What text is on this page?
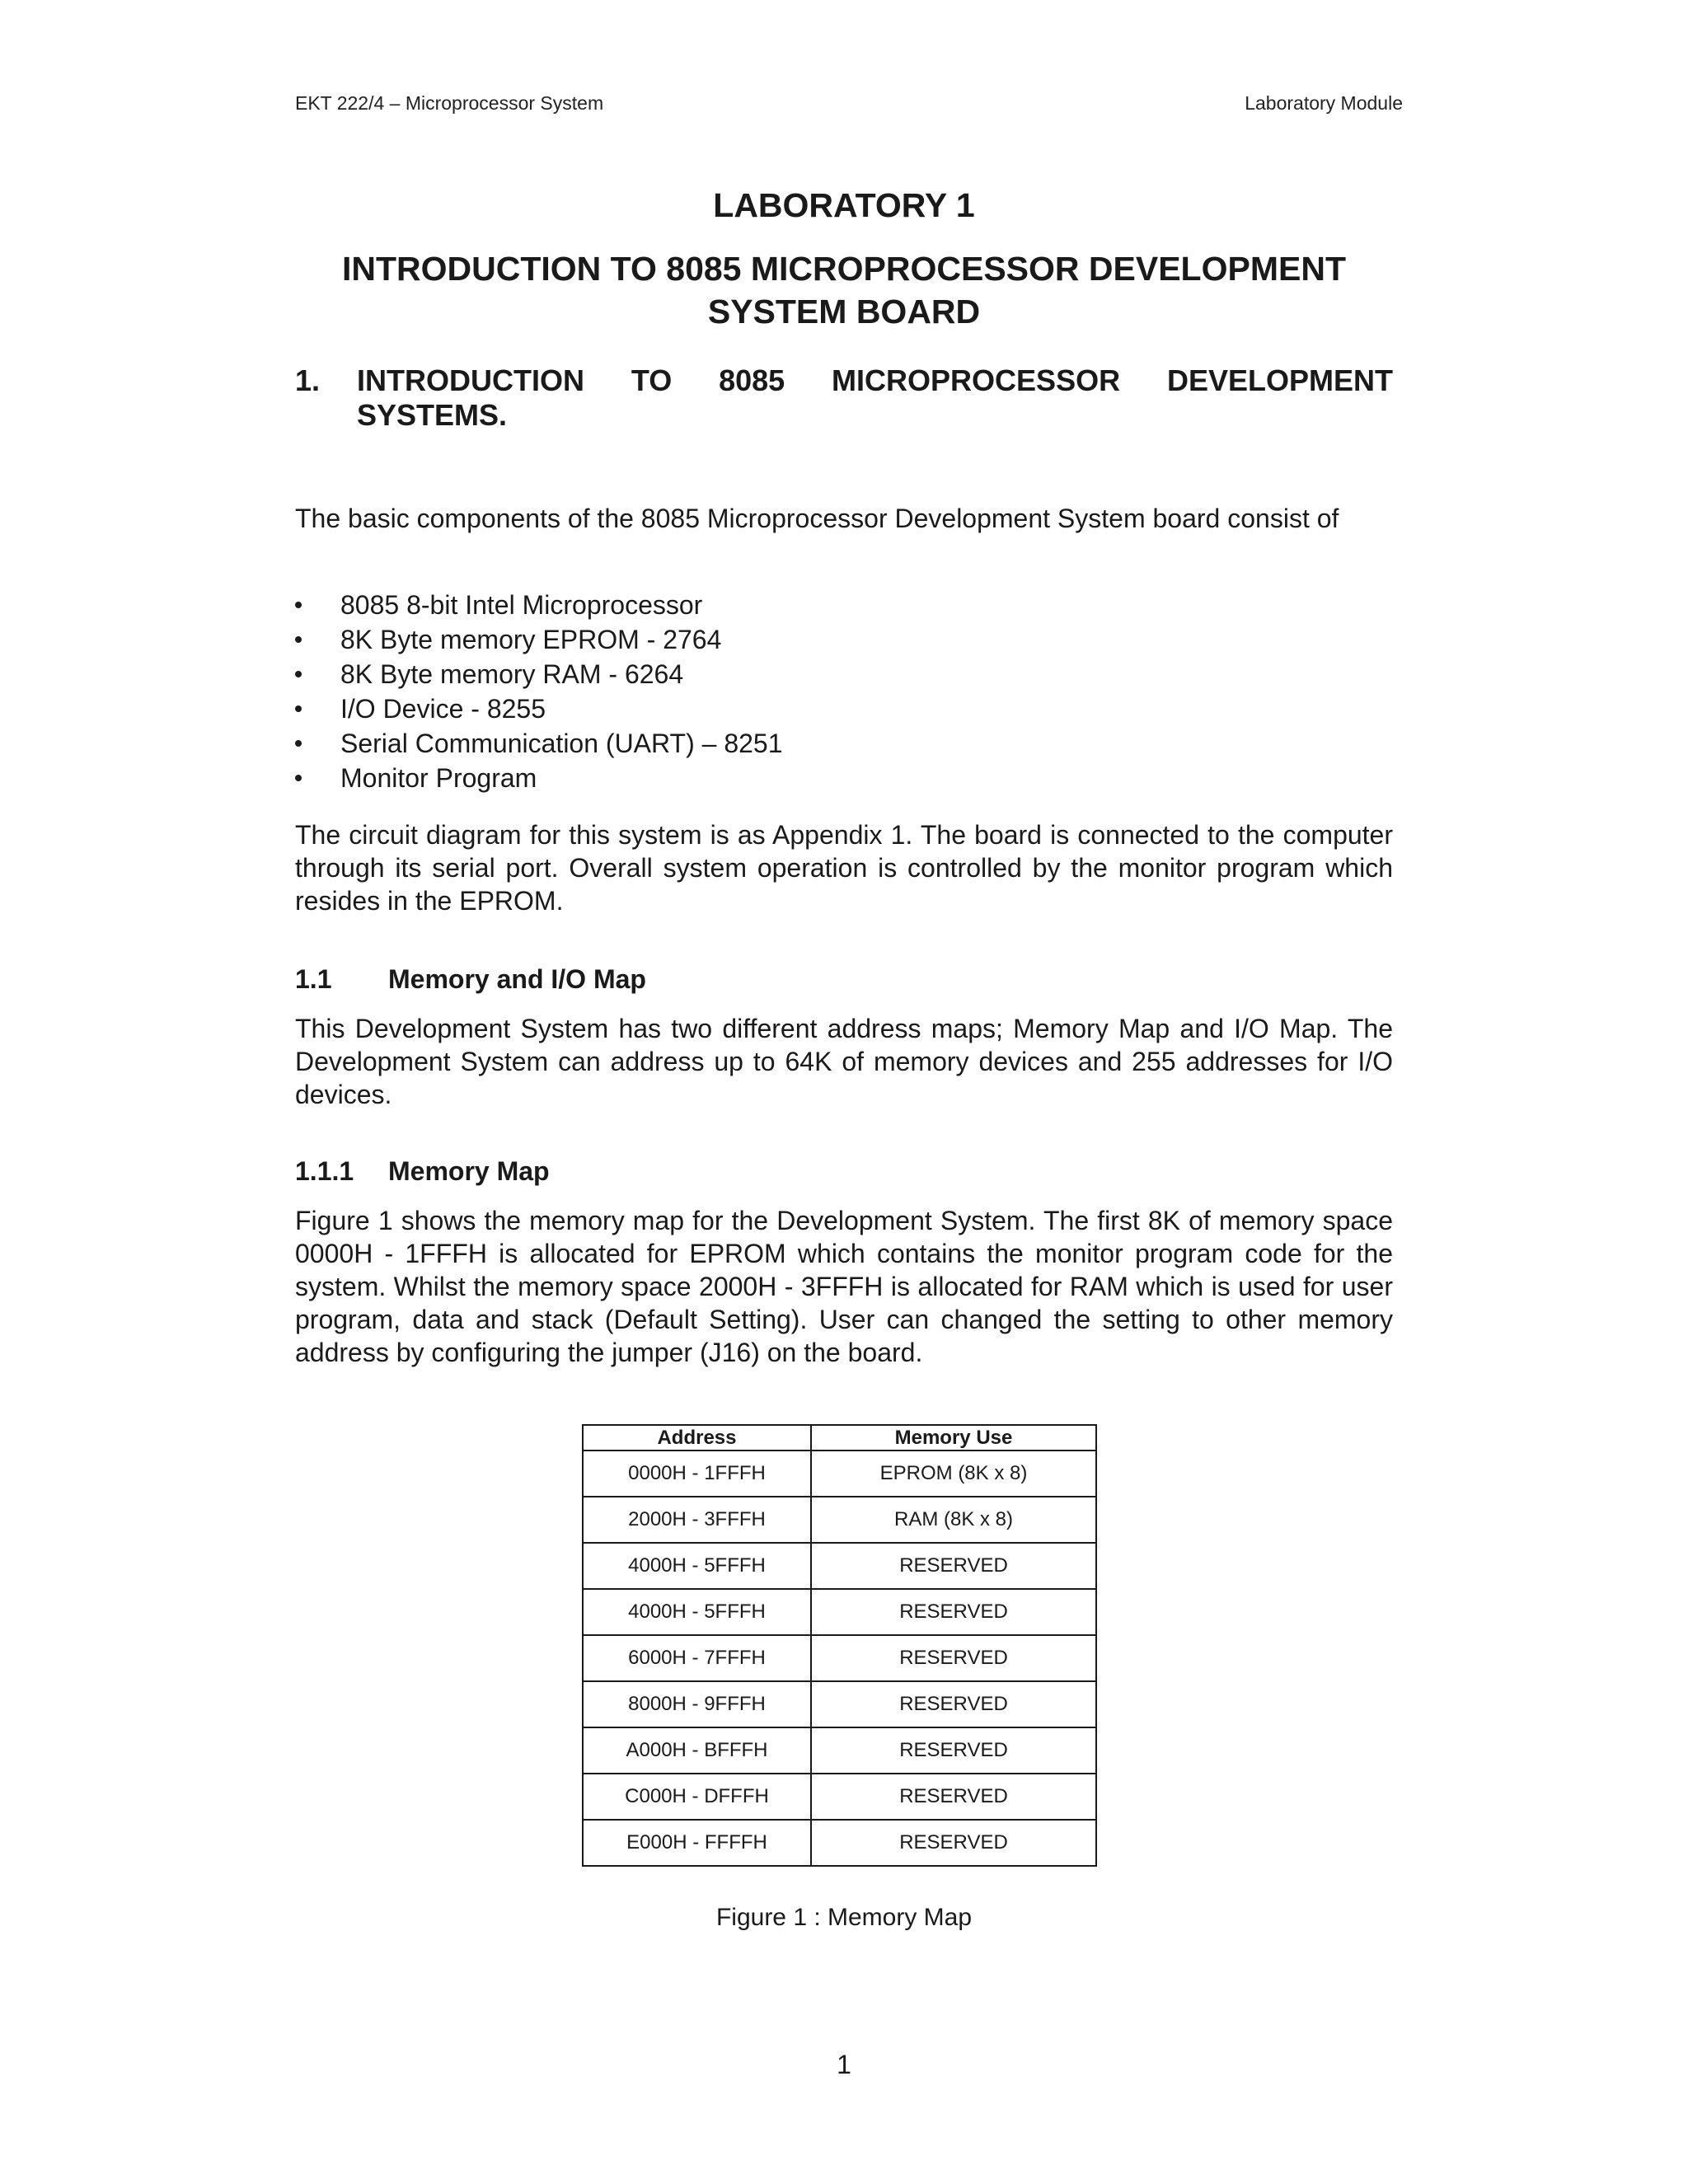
EKT 222/4 – Microprocessor System	Laboratory Module
LABORATORY 1
INTRODUCTION TO 8085 MICROPROCESSOR DEVELOPMENT
SYSTEM BOARD
1. INTRODUCTION TO 8085 MICROPROCESSOR DEVELOPMENT
SYSTEMS.
The basic components of the 8085 Microprocessor Development System board consist of
8085 8-bit Intel Microprocessor
8K Byte memory EPROM - 2764
8K Byte memory RAM - 6264
I/O Device - 8255
Serial Communication (UART) – 8251
Monitor Program
The circuit diagram for this system is as Appendix 1. The board is connected to the computer through its serial port. Overall system operation is controlled by the monitor program which resides in the EPROM.
1.1 Memory and I/O Map
This Development System has two different address maps; Memory Map and I/O Map. The Development System can address up to 64K of memory devices and 255 addresses for I/O devices.
1.1.1 Memory Map
Figure 1 shows the memory map for the Development System. The first 8K of memory space 0000H - 1FFFH is allocated for EPROM which contains the monitor program code for the system. Whilst the memory space 2000H - 3FFFH is allocated for RAM which is used for user program, data and stack (Default Setting). User can changed the setting to other memory address by configuring the jumper (J16) on the board.
Address	Memory Use
0000H - 1FFFH	EPROM (8K x 8)
2000H - 3FFFH	RAM (8K x 8)
4000H - 5FFFH	RESERVED
4000H - 5FFFH	RESERVED
6000H - 7FFFH	RESERVED
8000H - 9FFFH	RESERVED
A000H - BFFFH	RESERVED
C000H - DFFFH	RESERVED
E000H - FFFFH	RESERVED
Figure 1 : Memory Map
1
